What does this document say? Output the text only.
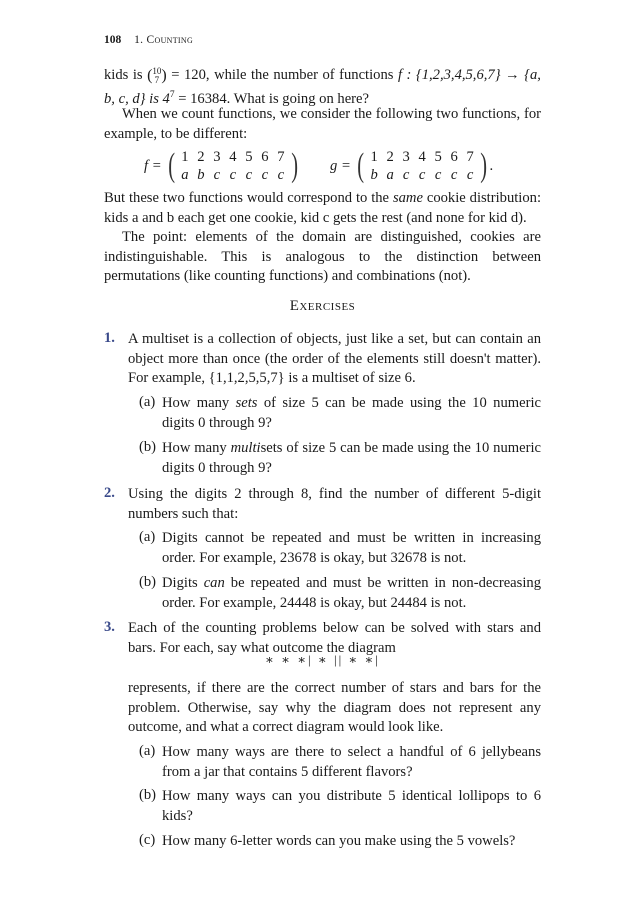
108 1. Counting
kids is ( 10
7 ) = 120, while the number of functions f : {1,2,3,4,5,6,7} → {a, b, c, d} is $4^7 = 16384$. What is going on here?
When we count functions, we consider the following two functions, for example, to be different:
f = ( 1 2 3 4 5 6 7
a b c c c c c ) g = ( 1 2 3 4 5 6 7
b a c c c c c ) .
But these two functions would correspond to the same cookie distribution: kids a and b each get one cookie, kid c gets the rest (and none for kid d).
The point: elements of the domain are distinguished, cookies are indistinguishable. This is analogous to the distinction between permutations (like counting functions) and combinations (not).
Exercises
1. A multiset is a collection of objects, just like a set, but can contain an object more than once (the order of the elements still doesn't matter). For example, {1,1,2,5,5,7} is a multiset of size 6.
(a) How many sets of size 5 can be made using the 10 numeric digits 0 through 9?
(b) How many multisets of size 5 can be made using the 10 numeric digits 0 through 9?
2. Using the digits 2 through 8, find the number of different 5-digit numbers such that:
(a) Digits cannot be repeated and must be written in increasing order. For example, 23678 is okay, but 32678 is not.
(b) Digits can be repeated and must be written in non-decreasing order. For example, 24448 is okay, but 24484 is not.
3. Each of the counting problems below can be solved with stars and bars. For each, say what outcome the diagram
∗ ∗ ∗| ∗ || ∗ ∗|
represents, if there are the correct number of stars and bars for the problem. Otherwise, say why the diagram does not represent any outcome, and what a correct diagram would look like.
(a) How many ways are there to select a handful of 6 jellybeans from a jar that contains 5 different flavors?
(b) How many ways can you distribute 5 identical lollipops to 6 kids?
(c) How many 6-letter words can you make using the 5 vowels?
